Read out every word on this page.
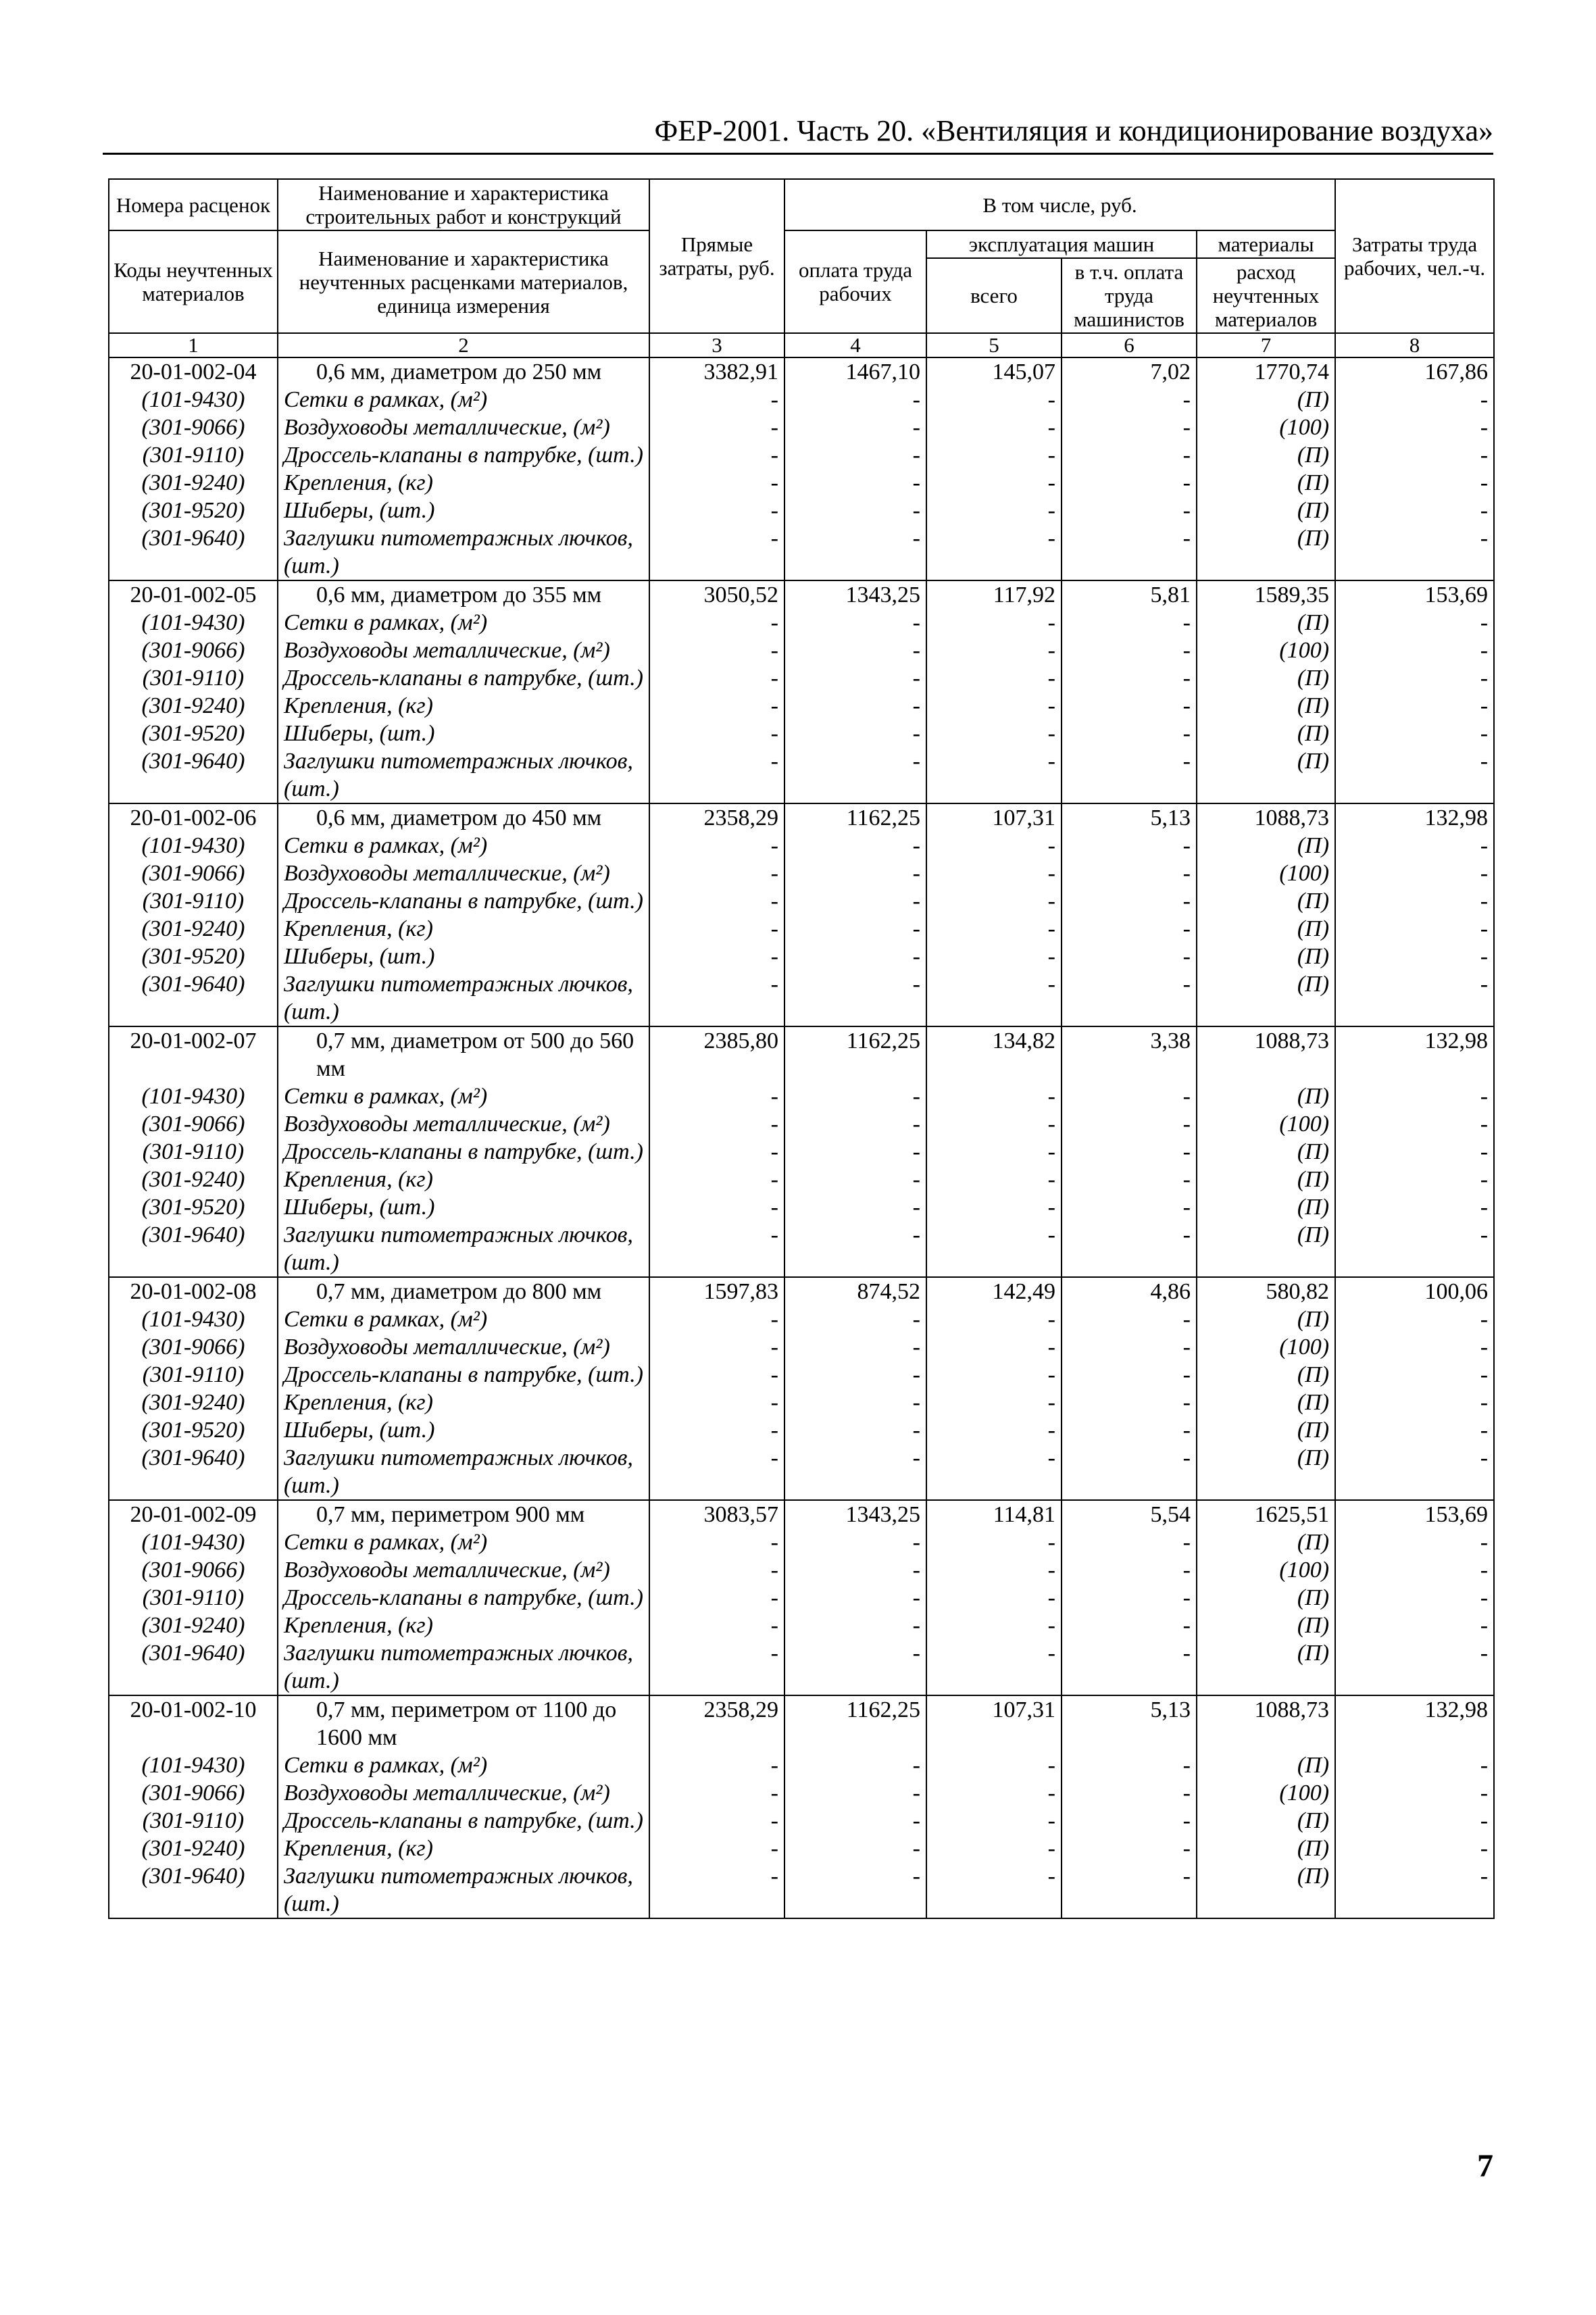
ФЕР-2001. Часть 20. «Вентиляция и кондиционирование воздуха»
Номера расценок	Наименование и характеристика строительных работ и конструкций	Прямые затраты, руб.	В том числе, руб.				Затраты труда рабочих, чел.-ч.
Коды неучтенных материалов	Наименование и характеристика неучтенных расценками материалов, единица измерения		оплата труда рабочих	эксплуатация машин		материалы	
				всего	в т.ч. оплата труда машинистов	расход неучтенных материалов	

1	2	3	4	5	6	7	8
20-01-002-04	0,6 мм, диаметром до 250 мм	3382,91	1467,10	145,07	7,02	1770,74	167,86
(101-9430)	Сетки в рамках, (м²)	-	-	-	-	(П)	-
(301-9066)	Воздуховоды металлические, (м²)	-	-	-	-	(100)	-
(301-9110)	Дроссель-клапаны в патрубке, (шт.)	-	-	-	-	(П)	-
(301-9240)	Крепления, (кг)	-	-	-	-	(П)	-
(301-9520)	Шиберы, (шт.)	-	-	-	-	(П)	-
(301-9640)	Заглушки питометражных лючков, (шт.)	-	-	-	-	(П)	-
20-01-002-05	0,6 мм, диаметром до 355 мм	3050,52	1343,25	117,92	5,81	1589,35	153,69
(101-9430)	Сетки в рамках, (м²)	-	-	-	-	(П)	-
(301-9066)	Воздуховоды металлические, (м²)	-	-	-	-	(100)	-
(301-9110)	Дроссель-клапаны в патрубке, (шт.)	-	-	-	-	(П)	-
(301-9240)	Крепления, (кг)	-	-	-	-	(П)	-
(301-9520)	Шиберы, (шт.)	-	-	-	-	(П)	-
(301-9640)	Заглушки питометражных лючков, (шт.)	-	-	-	-	(П)	-
20-01-002-06	0,6 мм, диаметром до 450 мм	2358,29	1162,25	107,31	5,13	1088,73	132,98
(101-9430)	Сетки в рамках, (м²)	-	-	-	-	(П)	-
(301-9066)	Воздуховоды металлические, (м²)	-	-	-	-	(100)	-
(301-9110)	Дроссель-клапаны в патрубке, (шт.)	-	-	-	-	(П)	-
(301-9240)	Крепления, (кг)	-	-	-	-	(П)	-
(301-9520)	Шиберы, (шт.)	-	-	-	-	(П)	-
(301-9640)	Заглушки питометражных лючков, (шт.)	-	-	-	-	(П)	-
20-01-002-07	0,7 мм, диаметром от 500 до 560 мм	2385,80	1162,25	134,82	3,38	1088,73	132,98
(101-9430)	Сетки в рамках, (м²)	-	-	-	-	(П)	-
(301-9066)	Воздуховоды металлические, (м²)	-	-	-	-	(100)	-
(301-9110)	Дроссель-клапаны в патрубке, (шт.)	-	-	-	-	(П)	-
(301-9240)	Крепления, (кг)	-	-	-	-	(П)	-
(301-9520)	Шиберы, (шт.)	-	-	-	-	(П)	-
(301-9640)	Заглушки питометражных лючков, (шт.)	-	-	-	-	(П)	-
20-01-002-08	0,7 мм, диаметром до 800 мм	1597,83	874,52	142,49	4,86	580,82	100,06
(101-9430)	Сетки в рамках, (м²)	-	-	-	-	(П)	-
(301-9066)	Воздуховоды металлические, (м²)	-	-	-	-	(100)	-
(301-9110)	Дроссель-клапаны в патрубке, (шт.)	-	-	-	-	(П)	-
(301-9240)	Крепления, (кг)	-	-	-	-	(П)	-
(301-9520)	Шиберы, (шт.)	-	-	-	-	(П)	-
(301-9640)	Заглушки питометражных лючков, (шт.)	-	-	-	-	(П)	-
20-01-002-09	0,7 мм, периметром 900 мм	3083,57	1343,25	114,81	5,54	1625,51	153,69
(101-9430)	Сетки в рамках, (м²)	-	-	-	-	(П)	-
(301-9066)	Воздуховоды металлические, (м²)	-	-	-	-	(100)	-
(301-9110)	Дроссель-клапаны в патрубке, (шт.)	-	-	-	-	(П)	-
(301-9240)	Крепления, (кг)	-	-	-	-	(П)	-
(301-9640)	Заглушки питометражных лючков, (шт.)	-	-	-	-	(П)	-
20-01-002-10	0,7 мм, периметром от 1100 до 1600 мм	2358,29	1162,25	107,31	5,13	1088,73	132,98
(101-9430)	Сетки в рамках, (м²)	-	-	-	-	(П)	-
(301-9066)	Воздуховоды металлические, (м²)	-	-	-	-	(100)	-
(301-9110)	Дроссель-клапаны в патрубке, (шт.)	-	-	-	-	(П)	-
(301-9240)	Крепления, (кг)	-	-	-	-	(П)	-
(301-9640)	Заглушки питометражных лючков, (шт.)	-	-	-	-	(П)	-
7
